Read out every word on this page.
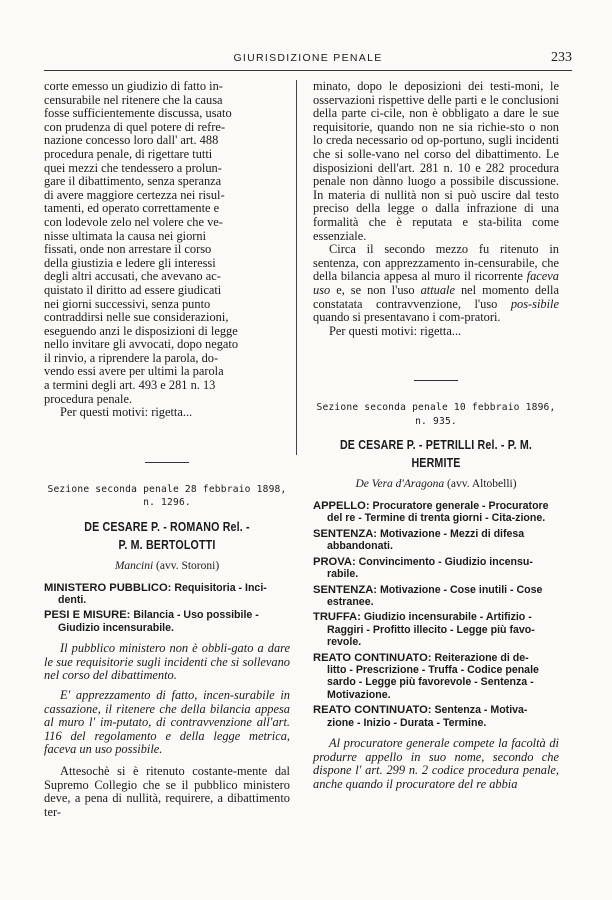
GIURISDIZIONE PENALE	233

corte emesso un giudizio di fatto in-

censurabile nel ritenere che la causa

fosse sufficientemente discussa, usato

con prudenza di quel potere di refre-

nazione concesso loro dall' art. 488

procedura penale, di rigettare tutti

quei mezzi che tendessero a prolun-

gare il dibattimento, senza speranza

di avere maggiore certezza nei risul-

tamenti, ed operato correttamente e

con lodevole zelo nel volere che ve-

nisse ultimata la causa nei giorni

fissati, onde non arrestare il corso

della giustizia e ledere gli interessi

degli altri accusati, che avevano ac-

quistato il diritto ad essere giudicati

nei giorni successivi, senza punto

contraddirsi nelle sue considerazioni,

eseguendo anzi le disposizioni di legge

nello invitare gli avvocati, dopo negato

il rinvio, a riprendere la parola, do-

vendo essi avere per ultimi la parola

a termini degli art. 493 e 281 n. 13

procedura penale.

Per questi motivi: rigetta...

Sezione seconda penale 28 febbraio 1898, n. 1296.
DE CESARE P. - ROMANO Rel. -
P. M. BERTOLOTTI
Mancini (avv. Storoni)
MINISTERO PUBBLICO: Requisitoria - Inci-
denti.
PESI E MISURE: Bilancia - Uso possibile -
Giudizio incensurabile.

Il pubblico ministero non è obbli-gato a dare le sue requisitorie sugli incidenti che si sollevano nel corso del dibattimento.

E' apprezzamento di fatto, incen-surabile in cassazione, il ritenere che della bilancia appesa al muro l' im-putato, di contravvenzione all'art. 116 del regolamento e della legge metrica, faceva un uso possibile.

Attesochè si è ritenuto costante-mente dal Supremo Collegio che se il pubblico ministero deve, a pena di nullità, requirere, a dibattimento ter-

minato, dopo le deposizioni dei testi-moni, le osservazioni rispettive delle parti e le conclusioni della parte ci-cile, non è obbligato a dare le sue requisitorie, quando non ne sia richie-sto o non lo creda necessario od op-portuno, sugli incidenti che si solle-vano nel corso del dibattimento. Le disposizioni dell'art. 281 n. 10 e 282 procedura penale non dànno luogo a possibile discussione. In materia di nullità non si può uscire dal testo preciso della legge o dalla infrazione di una formalità che è reputata e sta-bilita come essenziale.

Circa il secondo mezzo fu ritenuto in sentenza, con apprezzamento in-censurabile, che della bilancia appesa al muro il ricorrente faceva uso e, se non l'uso attuale nel momento della constatata contravvenzione, l'uso pos-sibile quando si presentavano i com-pratori.

Per questi motivi: rigetta...

Sezione seconda penale 10 febbraio 1896, n. 935.
DE CESARE P. - PETRILLI Rel. - P. M. HERMITE
De Vera d'Aragona (avv. Altobelli)
APPELLO: Procuratore generale - Procuratore
del re - Termine di trenta giorni - Cita-zione.
SENTENZA: Motivazione - Mezzi di difesa
abbandonati.
PROVA: Convincimento - Giudizio incensu-
rabile.
SENTENZA: Motivazione - Cose inutili - Cose
estranee.
TRUFFA: Giudizio incensurabile - Artifizio -
Raggiri - Profitto illecito - Legge più favo-revole.
REATO CONTINUATO: Reiterazione di de-
litto - Prescrizione - Truffa - Codice penale sardo - Legge più favorevole - Sentenza - Motivazione.
REATO CONTINUATO: Sentenza - Motiva-
zione - Inizio - Durata - Termine.

Al procuratore generale compete la facoltà di produrre appello in suo nome, secondo che dispone l' art. 299 n. 2 codice procedura penale, anche quando il procuratore del re abbia
